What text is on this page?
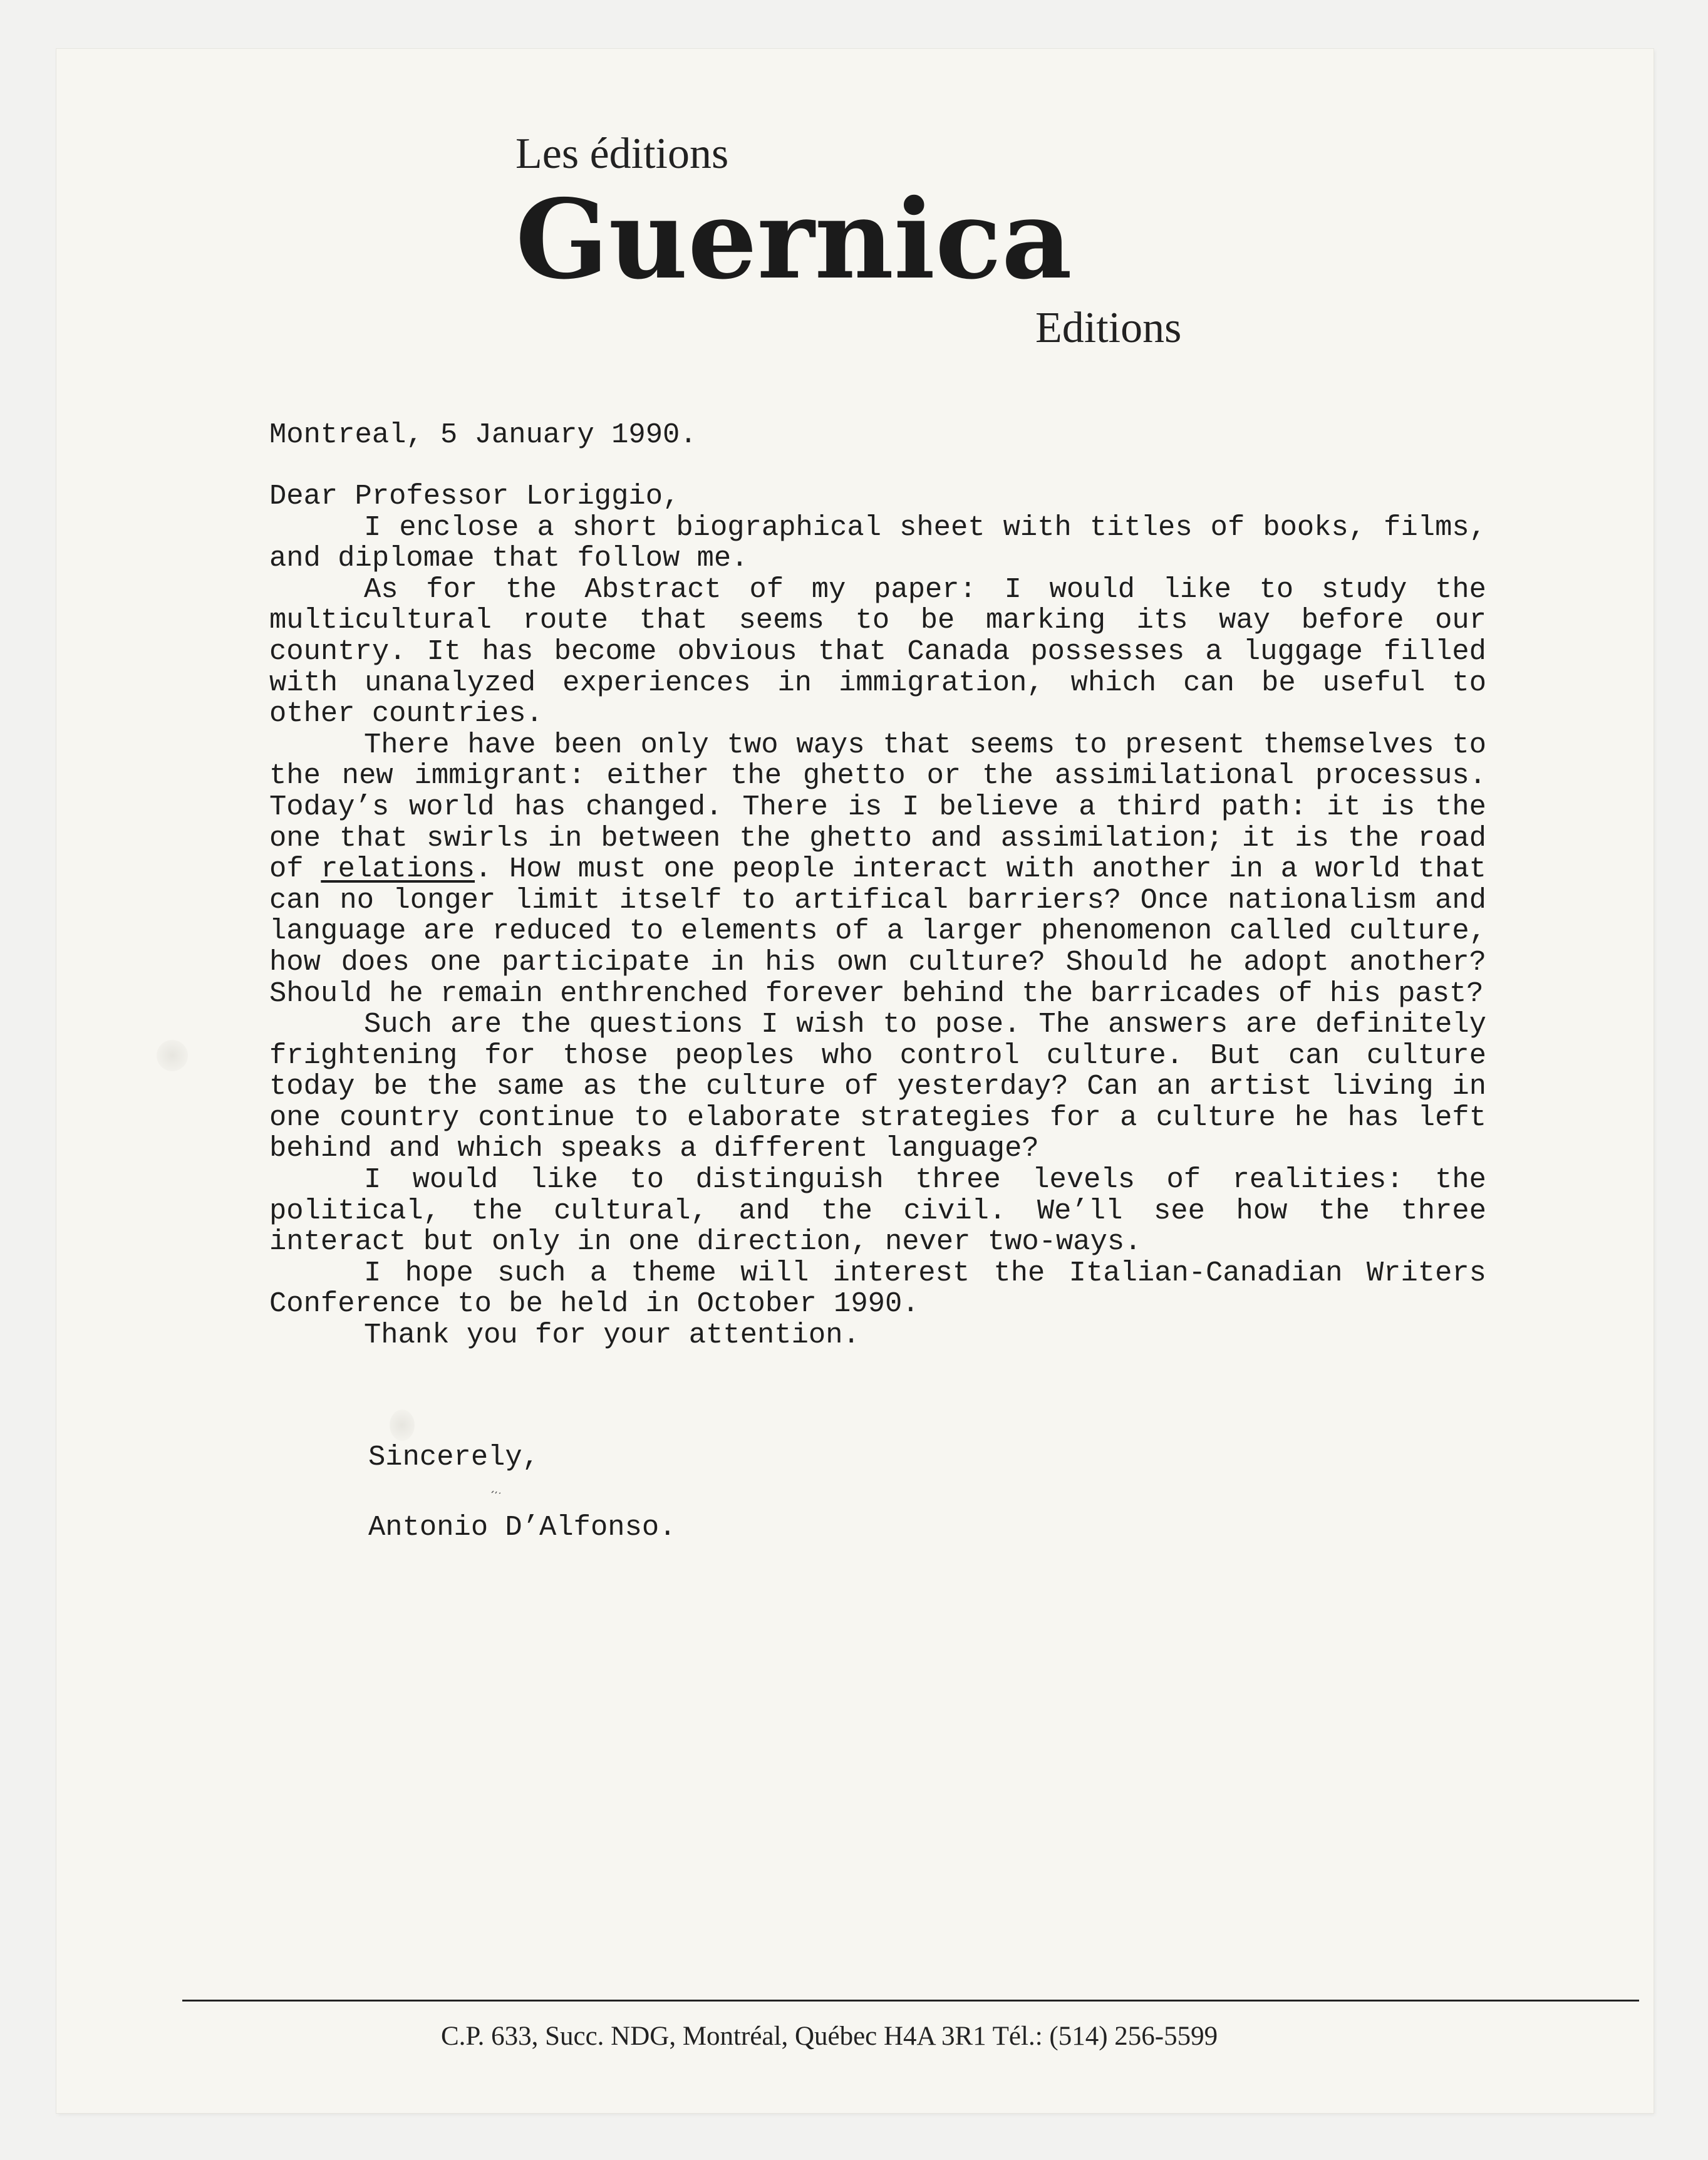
Les éditions
Guernica
Editions
Montreal, 5 January 1990.

Dear Professor Loriggio,

I enclose a short biographical sheet with titles of books, films, and diplomae that follow me.

As for the Abstract of my paper: I would like to study the multicultural route that seems to be marking its way before our country. It has become obvious that Canada possesses a luggage filled with unanalyzed experiences in immigration, which can be useful to other countries.

There have been only two ways that seems to present themselves to the new immigrant: either the ghetto or the assimilational processus. Today’s world has changed. There is I believe a third path: it is the one that swirls in between the ghetto and assimilation; it is the road of relations. How must one people interact with another in a world that can no longer limit itself to artifical barriers? Once nationalism and language are reduced to elements of a larger phenomenon called culture, how does one participate in his own culture? Should he adopt another? Should he remain enthrenched forever behind the barricades of his past?

Such are the questions I wish to pose. The answers are definitely frightening for those peoples who control culture. But can culture today be the same as the culture of yesterday? Can an artist living in one country continue to elaborate strategies for a culture he has left behind and which speaks a different language?

I would like to distinguish three levels of realities: the political, the cultural, and the civil. We’ll see how the three interact but only in one direction, never two-ways.

I hope such a theme will interest the Italian-Canadian Writers Conference to be held in October 1990.

Thank you for your attention.

Sincerely,
Antonio D’Alfonso.
C.P. 633, Succ. NDG, Montréal, Québec H4A 3R1 Tél.: (514) 256-5599
